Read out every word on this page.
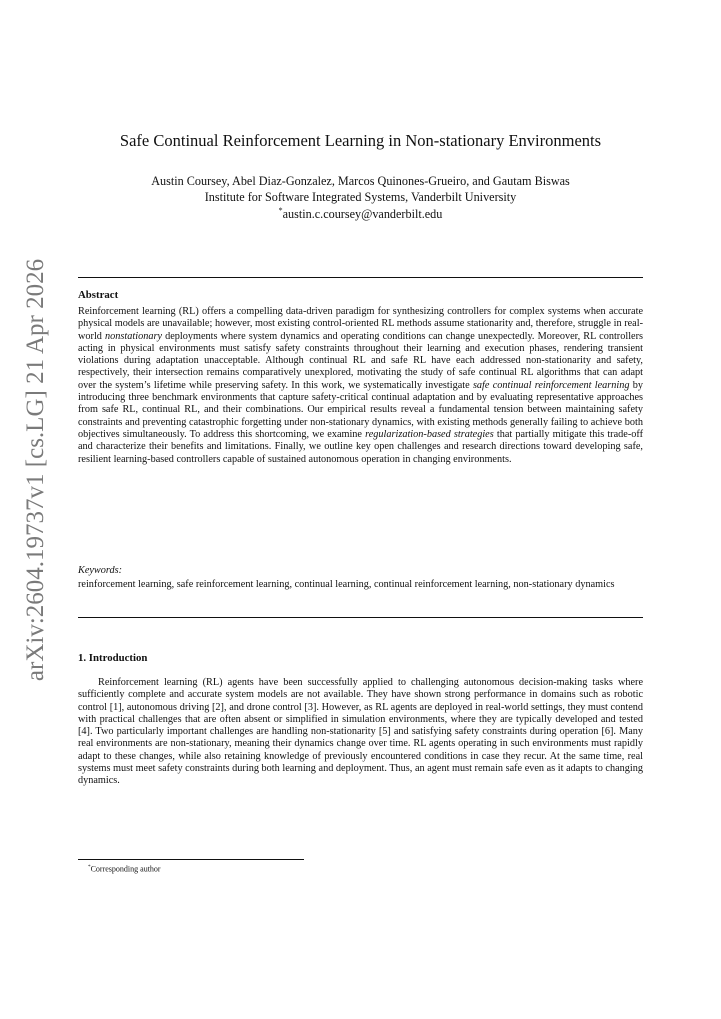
arXiv:2604.19737v1 [cs.LG] 21 Apr 2026
Safe Continual Reinforcement Learning in Non-stationary Environments
Austin Coursey, Abel Diaz-Gonzalez, Marcos Quinones-Grueiro, and Gautam Biswas
Institute for Software Integrated Systems, Vanderbilt University
*austin.c.coursey@vanderbilt.edu
Abstract

Reinforcement learning (RL) offers a compelling data-driven paradigm for synthesizing controllers for complex systems when accurate physical models are unavailable; however, most existing control-oriented RL methods assume stationarity and, therefore, struggle in real-world nonstationary deployments where system dynamics and operating conditions can change unexpectedly. Moreover, RL controllers acting in physical environments must satisfy safety constraints throughout their learning and execution phases, rendering transient violations during adaptation unacceptable. Although continual RL and safe RL have each addressed non-stationarity and safety, respectively, their intersection remains comparatively unexplored, motivating the study of safe continual RL algorithms that can adapt over the system’s lifetime while preserving safety. In this work, we systematically investigate safe continual reinforcement learning by introducing three benchmark environments that capture safety-critical continual adaptation and by evaluating representative approaches from safe RL, continual RL, and their combinations. Our empirical results reveal a fundamental tension between maintaining safety constraints and preventing catastrophic forgetting under non-stationary dynamics, with existing methods generally failing to achieve both objectives simultaneously. To address this shortcoming, we examine regularization-based strategies that partially mitigate this trade-off and characterize their benefits and limitations. Finally, we outline key open challenges and research directions toward developing safe, resilient learning-based controllers capable of sustained autonomous operation in changing environments.

Keywords:
reinforcement learning, safe reinforcement learning, continual learning, continual reinforcement learning, non-stationary dynamics
1. Introduction

Reinforcement learning (RL) agents have been successfully applied to challenging autonomous decision-making tasks where sufficiently complete and accurate system models are not available. They have shown strong performance in domains such as robotic control [1], autonomous driving [2], and drone control [3]. However, as RL agents are deployed in real-world settings, they must contend with practical challenges that are often absent or simplified in simulation environments, where they are typically developed and tested [4]. Two particularly important challenges are handling non-stationarity [5] and satisfying safety constraints during operation [6]. Many real environments are non-stationary, meaning their dynamics change over time. RL agents operating in such environments must rapidly adapt to these changes, while also retaining knowledge of previously encountered conditions in case they recur. At the same time, real systems must meet safety constraints during both learning and deployment. Thus, an agent must remain safe even as it adapts to changing dynamics.

*Corresponding author
